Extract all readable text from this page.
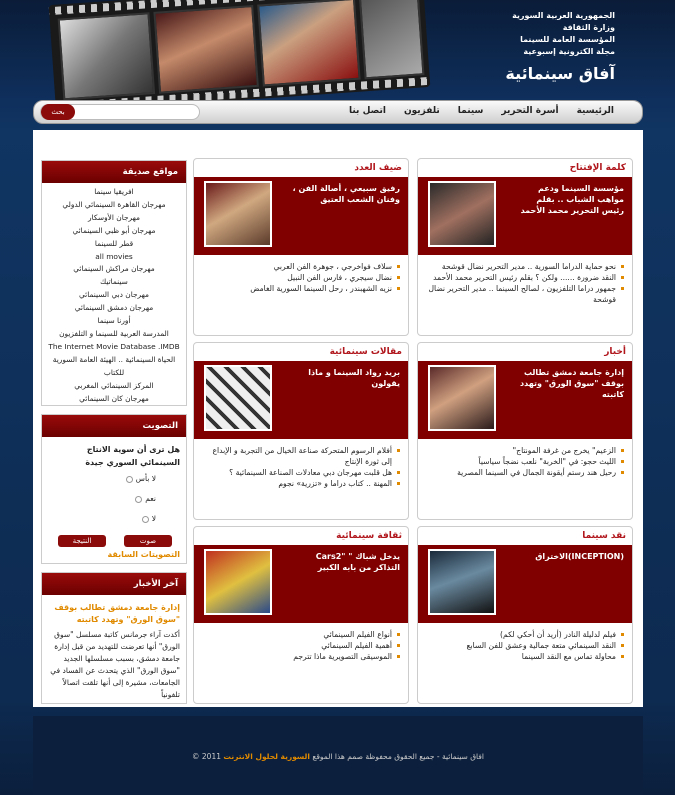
الجمهورية العربية السورية
وزارة الثقافة
المؤسسة العامة للسينما
مجلة الكترونية إسبوعية
آفاق سينمائية
الرئيسية
أسرة التحرير
سينما
تلفزيون
اتصل بنا
بحث
كلمة الإفتتاح
مؤسسة السينما ودعم مواهب الشباب .. بقلم رئيس التحرير محمد الأحمد
نحو حماية الدراما السورية .. مدير التحرير نضال قوشحة
النقد ضرورة ...... ولكن ؟ بقلم رئيس التحرير محمد الأحمد
جمهور دراما التلفزيون ، لصالح السينما .. مدير التحرير نضال قوشحة
أخبار
إدارة جامعة دمشق تطالب بوقف "سوق الورق" وتهدد كاتبته
"الزعيم" يخرج من غرفة المونتاج
الليث حجو: في "الخربة" نلعب نضجاً سياسياً
رحيل هند رستم أيقونة الجمال في السينما المصرية
نقد سينما
الاختراق(INCEPTION)
(أريد أن أحكي لكم) فيلم لدليلة النادر
النقد السينمائي متعة جمالية وعشق للفن السابع
محاولة تماس مع النقد السينما
ضيف العدد
رفيق سبيعي ، أصالة الفن ، وفنان الشعب العتيق
سلاف فواخرجي ، جوهرة الفن العربي
نضال سيجري ، فارس الفن النبيل
نزيه الشهبندر ، رحل السينما السورية الغامض
مقالات سينمائية
بريد رواد السينما و ماذا يقولون
أفلام الرسوم المتحركة صناعة الخيال من التجربة و الإبداع إلى ثورة الإنتاج
هل قلبت مهرجان دبي معادلات الصناعة السينمائية ؟
المهنة .. كتاب دراما و «تزرية» نجوم
ثقافة سينمائية
Cars2" " يدخل شباك التذاكر من بابه الكبير
أنواع الفيلم السينمائي
أهمية الفيلم السينمائي
الموسيقى التصويرية ماذا تترجم
مواقع صديقة
افريقيا سينما
مهرجان القاهرة السينمائي الدولي
مهرجان الأوسكار
مهرجان أبو ظبي السينمائي
قطر للسينما
all movies
مهرجان مراكش السينمائي
سينماتيك
مهرجان دبي السينمائي
مهرجان دمشق السينمائي
أورنا سينما
المدرسة العربية للسينما و التلفزيون
The Internet Movie Database .IMDB
الحياة السينمائية .. الهيئة العامة السورية
للكتاب
المركز السينمائي المغربي
مهرجان كان السينمائي
التصويت
هل ترى أن سوية الانتاج السينمائي السوري جيدة
لا بأس
نعم
لا
النتيجة	صوت
التصويتات السابقة
آخر الأخبار
إدارة جامعة دمشق تطالب بوقف "سوق الورق" وتهدد كاتبته
أكدت آراء جرمانس كاتبة مسلسل "سوق الورق" أنها تعرضت للتهديد من قبل إدارة جامعة دمشق، بسبب مسلسلها الجديد "سوق الورق" الذي يتحدث عن الفساد في الجامعات، مشيرة إلى أنها تلقت اتصالاً تلفونياً
© 2011 افاق سينمائية - جميع الحقوق محفوظة صمم هذا الموقع السورية لحلول الانترنت
